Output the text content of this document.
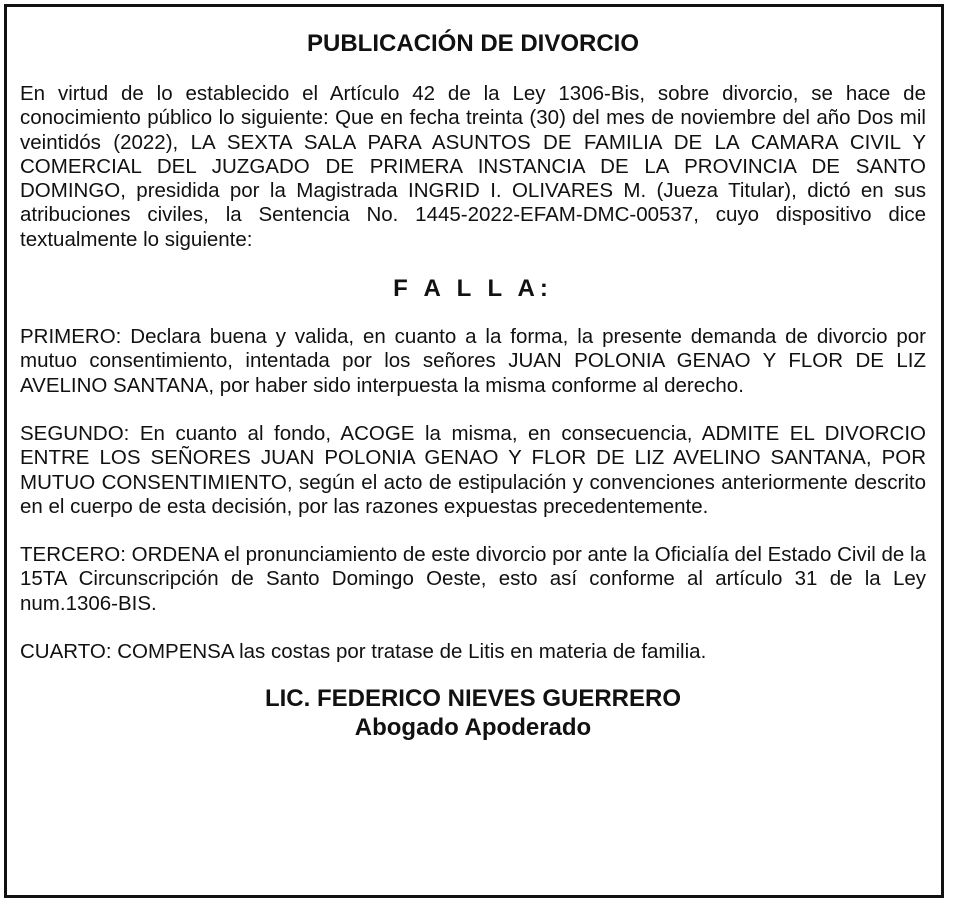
PUBLICACIÓN DE DIVORCIO

En virtud de lo establecido el Artículo 42 de la Ley 1306-Bis, sobre divorcio, se hace de conocimiento público lo siguiente: Que en fecha treinta (30) del mes de noviembre del año Dos mil veintidós (2022), LA SEXTA SALA PARA ASUNTOS DE FAMILIA DE LA CAMARA CIVIL Y COMERCIAL DEL JUZGADO DE PRIMERA INSTANCIA DE LA PROVINCIA DE SANTO DOMINGO, presidida por la Magistrada INGRID I. OLIVARES M. (Jueza Titular), dictó en sus atribuciones civiles, la Sentencia No. 1445-2022-EFAM-DMC-00537, cuyo dispositivo dice textualmente lo siguiente:

F A L L A:

PRIMERO: Declara buena y valida, en cuanto a la forma, la presente demanda de divorcio por mutuo consentimiento, intentada por los señores JUAN POLONIA GENAO Y FLOR DE LIZ AVELINO SANTANA, por haber sido interpuesta la misma conforme al derecho.

SEGUNDO: En cuanto al fondo, ACOGE la misma, en consecuencia, ADMITE EL DIVORCIO ENTRE LOS SEÑORES JUAN POLONIA GENAO Y FLOR DE LIZ AVELINO SANTANA, POR MUTUO CONSENTIMIENTO, según el acto de estipulación y convenciones anteriormente descrito en el cuerpo de esta decisión, por las razones expuestas precedentemente.

TERCERO: ORDENA el pronunciamiento de este divorcio por ante la Oficialía del Estado Civil de la 15TA Circunscripción de Santo Domingo Oeste, esto así conforme al artículo 31 de la Ley num.1306-BIS.

CUARTO: COMPENSA las costas por tratase de Litis en materia de familia.

LIC. FEDERICO NIEVES GUERRERO
Abogado Apoderado
